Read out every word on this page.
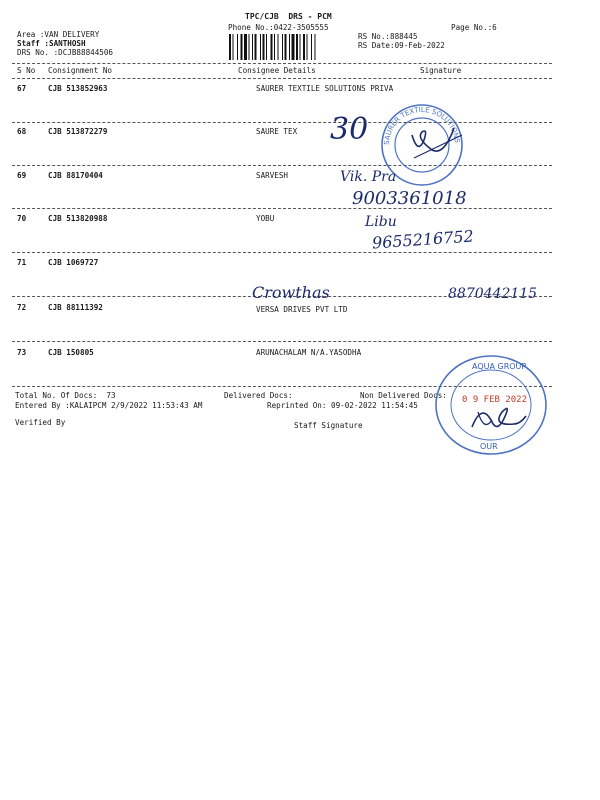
TPC/CJB  DRS - PCM
Phone No.:0422-3505555	Page No.:6
Area :VAN DELIVERY
Staff :SANTHOSH
DRS No. :DCJB88844506
RS No.:888445
RS Date:09-Feb-2022
S No Consignment No	Consignee Details	Signature
67	CJB 513852963	SAURER TEXTILE SOLUTIONS PRIVA
68	CJB 513872279	SAURE TEX
69	CJB 88170404	SARVESH
70	CJB 513820988	YOBU
71	CJB 1069727
72	CJB 88111392	VERSA DRIVES PVT LTD
73	CJB 150805	ARUNACHALAM N/A.YASODHA
Total No. Of Docs:  73	Delivered Docs:	Non Delivered Docs:
Entered By :KALAIPCM 2/9/2022 11:53:43 AM	Reprinted On: 09-02-2022 11:54:45
Verified By	Staff Signature
SAURER TEXTILE SOLUTIONS
30
Vik. Pra
9003361018
Libu
9655216752
Crowthas	8870442115
AQUA GROUP
0 9 FEB 2022
OUR
